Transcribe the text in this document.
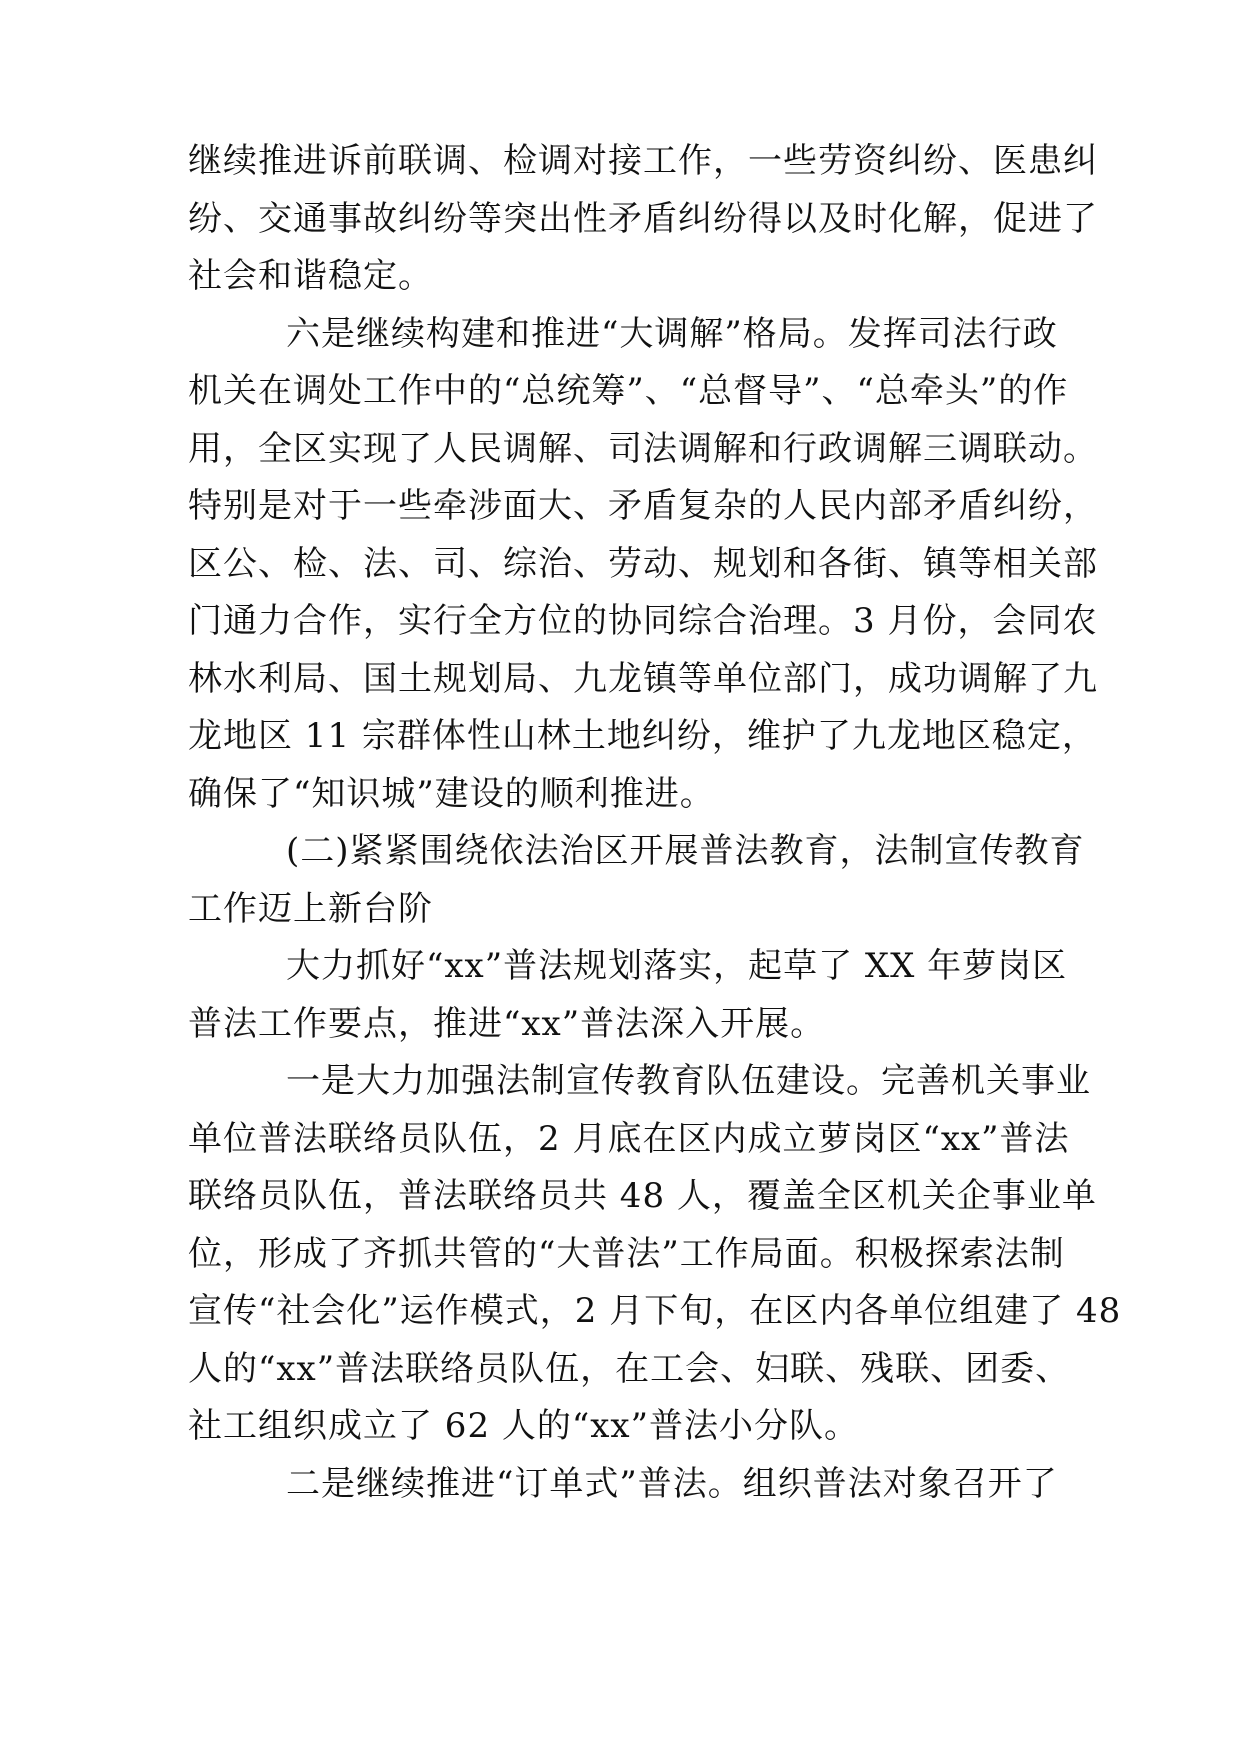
继续推进诉前联调、检调对接工作，一些劳资纠纷、医患纠
纷、交通事故纠纷等突出性矛盾纠纷得以及时化解，促进了
社会和谐稳定。
六是继续构建和推进“大调解”格局。发挥司法行政
机关在调处工作中的“总统筹”、“总督导”、“总牵头”的作
用，全区实现了人民调解、司法调解和行政调解三调联动。
特别是对于一些牵涉面大、矛盾复杂的人民内部矛盾纠纷，
区公、检、法、司、综治、劳动、规划和各街、镇等相关部
门通力合作，实行全方位的协同综合治理。3 月份，会同农
林水利局、国土规划局、九龙镇等单位部门，成功调解了九
龙地区 11 宗群体性山林土地纠纷，维护了九龙地区稳定，
确保了“知识城”建设的顺利推进。
(二)紧紧围绕依法治区开展普法教育，法制宣传教育
工作迈上新台阶
大力抓好“xx”普法规划落实，起草了 XX 年萝岗区
普法工作要点，推进“xx”普法深入开展。
一是大力加强法制宣传教育队伍建设。完善机关事业
单位普法联络员队伍，2 月底在区内成立萝岗区“xx”普法
联络员队伍，普法联络员共 48 人，覆盖全区机关企事业单
位，形成了齐抓共管的“大普法”工作局面。积极探索法制
宣传“社会化”运作模式，2 月下旬，在区内各单位组建了 48
人的“xx”普法联络员队伍，在工会、妇联、残联、团委、
社工组织成立了 62 人的“xx”普法小分队。
二是继续推进“订单式”普法。组织普法对象召开了
